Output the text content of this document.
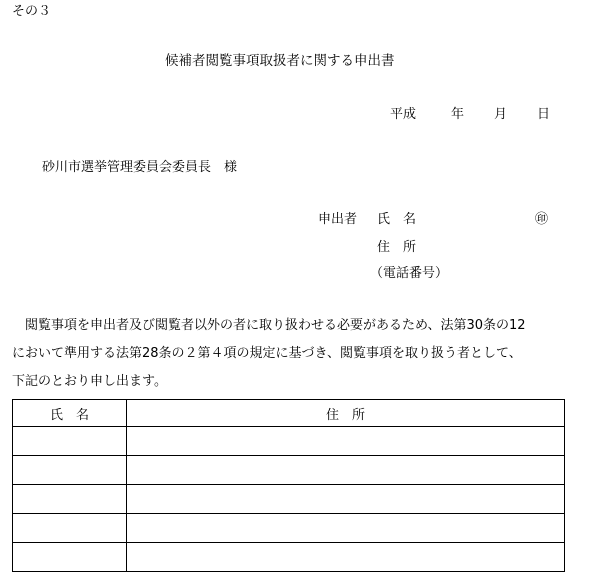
その３
候補者閲覧事項取扱者に関する申出書
平成	年 月 日
砂川市選挙管理委員会委員長　様
申出者 氏　名	㊞
住　所
（電話番号）
　閲覧事項を申出者及び閲覧者以外の者に取り扱わせる必要があるため、法第30条の12
において準用する法第28条の２第４項の規定に基づき、閲覧事項を取り扱う者として、
下記のとおり申し出ます。
氏　名	住　所
